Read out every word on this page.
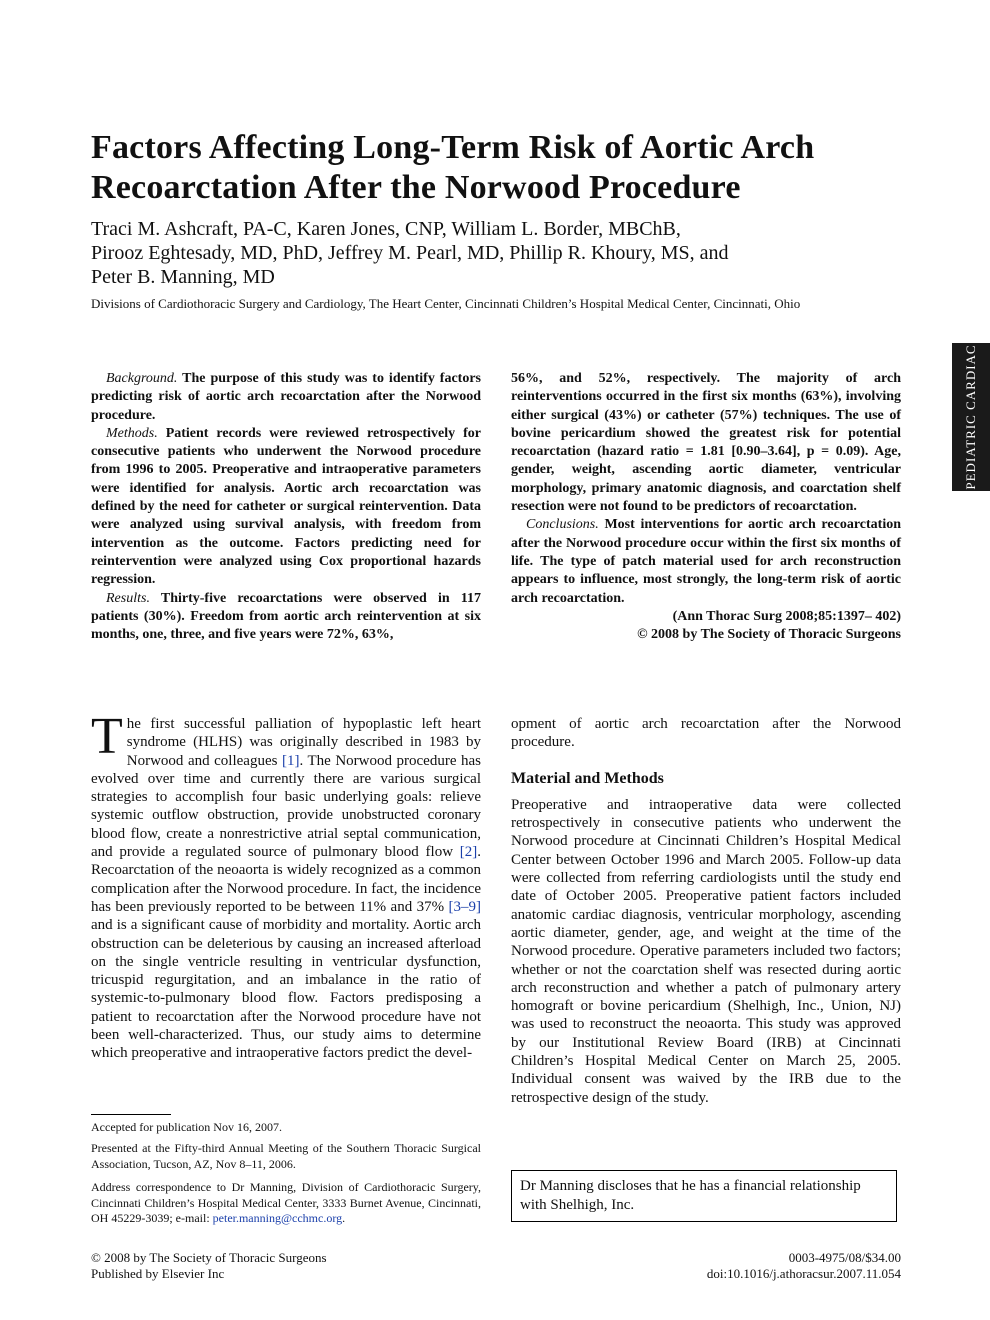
Factors Affecting Long-Term Risk of Aortic Arch
Recoarctation After the Norwood Procedure
Traci M. Ashcraft, PA-C, Karen Jones, CNP, William L. Border, MBChB,
Pirooz Eghtesady, MD, PhD, Jeffrey M. Pearl, MD, Phillip R. Khoury, MS, and
Peter B. Manning, MD
Divisions of Cardiothoracic Surgery and Cardiology, The Heart Center, Cincinnati Children’s Hospital Medical Center, Cincinnati, Ohio
PEDIATRIC CARDIAC

Background. The purpose of this study was to identify factors predicting risk of aortic arch recoarctation after the Norwood procedure.

Methods. Patient records were reviewed retrospectively for consecutive patients who underwent the Norwood procedure from 1996 to 2005. Preoperative and intraoperative parameters were identified for analysis. Aortic arch recoarctation was defined by the need for catheter or surgical reintervention. Data were analyzed using survival analysis, with freedom from intervention as the outcome. Factors predicting need for reintervention were analyzed using Cox proportional hazards regression.

Results. Thirty-five recoarctations were observed in 117 patients (30%). Freedom from aortic arch reintervention at six months, one, three, and five years were 72%, 63%,

56%, and 52%, respectively. The majority of arch reinterventions occurred in the first six months (63%), involving either surgical (43%) or catheter (57%) techniques. The use of bovine pericardium showed the greatest risk for potential recoarctation (hazard ratio = 1.81 [0.90–3.64], p = 0.09). Age, gender, weight, ascending aortic diameter, ventricular morphology, primary anatomic diagnosis, and coarctation shelf resection were not found to be predictors of recoarctation.

Conclusions. Most interventions for aortic arch recoarctation after the Norwood procedure occur within the first six months of life. The type of patch material used for arch reconstruction appears to influence, most strongly, the long-term risk of aortic arch recoarctation.

(Ann Thorac Surg 2008;85:1397– 402)

© 2008 by The Society of Thoracic Surgeons

The first successful palliation of hypoplastic left heart syndrome (HLHS) was originally described in 1983 by Norwood and colleagues [1]. The Norwood procedure has evolved over time and currently there are various surgical strategies to accomplish four basic underlying goals: relieve systemic outflow obstruction, provide unobstructed coronary blood flow, create a nonrestrictive atrial septal communication, and provide a regulated source of pulmonary blood flow [2]. Recoarctation of the neoaorta is widely recognized as a common complication after the Norwood procedure. In fact, the incidence has been previously reported to be between 11% and 37% [3–9] and is a significant cause of morbidity and mortality. Aortic arch obstruction can be deleterious by causing an increased afterload on the single ventricle resulting in ventricular dysfunction, tricuspid regurgitation, and an imbalance in the ratio of systemic-to-pulmonary blood flow. Factors predisposing a patient to recoarctation after the Norwood procedure have not been well-characterized. Thus, our study aims to determine which preoperative and intraoperative factors predict the devel-

opment of aortic arch recoarctation after the Norwood procedure.

Material and Methods

Preoperative and intraoperative data were collected retrospectively in consecutive patients who underwent the Norwood procedure at Cincinnati Children’s Hospital Medical Center between October 1996 and March 2005. Follow-up data were collected from referring cardiologists until the study end date of October 2005. Preoperative patient factors included anatomic cardiac diagnosis, ventricular morphology, ascending aortic diameter, gender, age, and weight at the time of the Norwood procedure. Operative parameters included two factors; whether or not the coarctation shelf was resected during aortic arch reconstruction and whether a patch of pulmonary artery homograft or bovine pericardium (Shelhigh, Inc., Union, NJ) was used to reconstruct the neoaorta. This study was approved by our Institutional Review Board (IRB) at Cincinnati Children’s Hospital Medical Center on March 25, 2005. Individual consent was waived by the IRB due to the retrospective design of the study.

Accepted for publication Nov 16, 2007.
Presented at the Fifty-third Annual Meeting of the Southern Thoracic Surgical Association, Tucson, AZ, Nov 8–11, 2006.
Address correspondence to Dr Manning, Division of Cardiothoracic Surgery, Cincinnati Children’s Hospital Medical Center, 3333 Burnet Avenue, Cincinnati, OH 45229-3039; e-mail: peter.manning@cchmc.org.
Dr Manning discloses that he has a financial relationship with Shelhigh, Inc.
© 2008 by The Society of Thoracic Surgeons
Published by Elsevier Inc
0003-4975/08/$34.00
doi:10.1016/j.athoracsur.2007.11.054
